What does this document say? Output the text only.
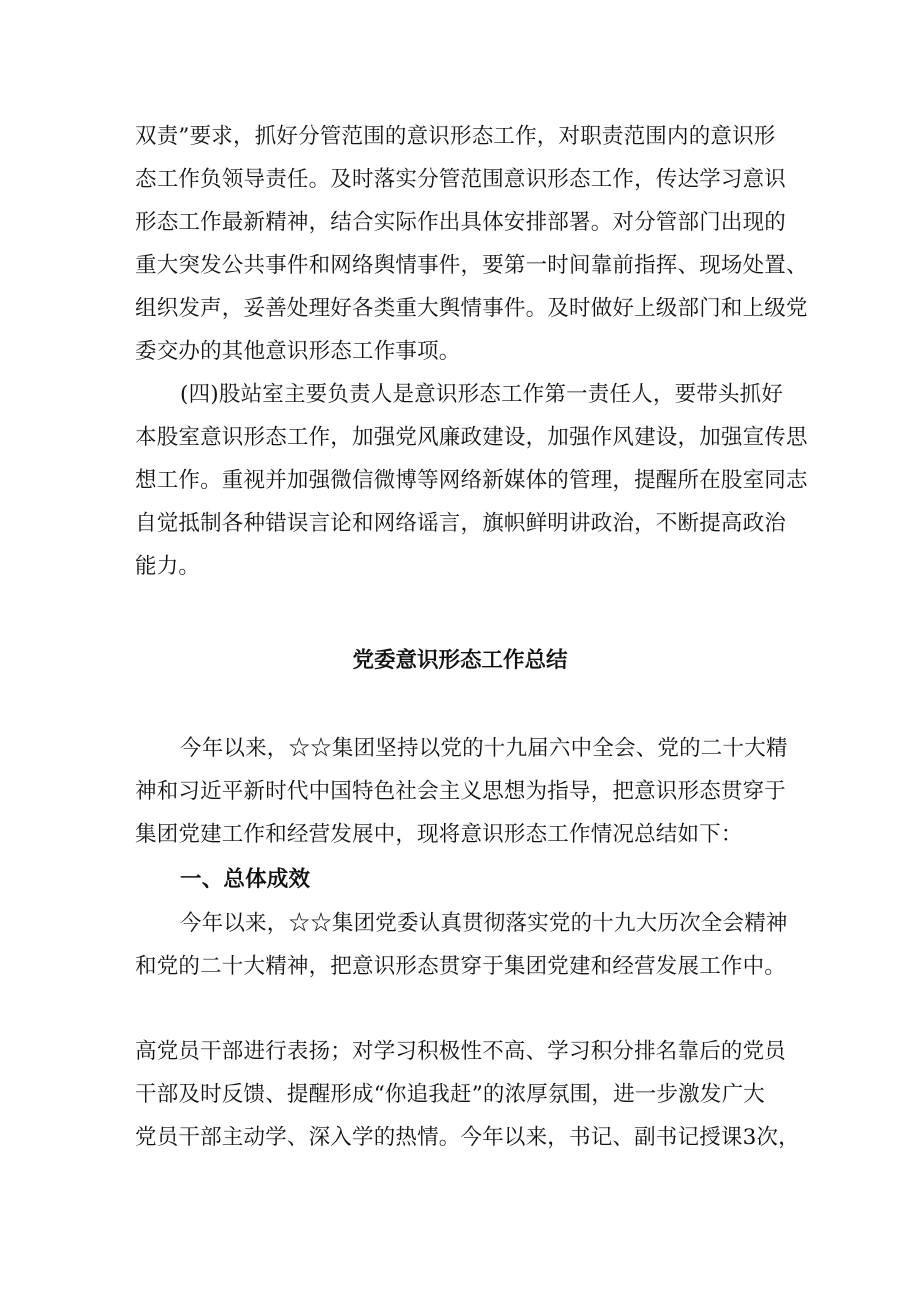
双责”要求，抓好分管范围的意识形态工作，对职责范围内的意识形
态工作负领导责任。及时落实分管范围意识形态工作，传达学习意识
形态工作最新精神，结合实际作出具体安排部署。对分管部门出现的
重大突发公共事件和网络舆情事件，要第一时间靠前指挥、现场处置、
组织发声，妥善处理好各类重大舆情事件。及时做好上级部门和上级党
委交办的其他意识形态工作事项。
(四)股站室主要负责人是意识形态工作第一责任人，要带头抓好
本股室意识形态工作，加强党风廉政建设，加强作风建设，加强宣传思
想工作。重视并加强微信微博等网络新媒体的管理，提醒所在股室同志
自觉抵制各种错误言论和网络谣言，旗帜鲜明讲政治，不断提高政治
能力。
党委意识形态工作总结
今年以来，☆☆集团坚持以党的十九届六中全会、党的二十大精
神和习近平新时代中国特色社会主义思想为指导，把意识形态贯穿于
集团党建工作和经营发展中，现将意识形态工作情况总结如下：
一、总体成效
今年以来，☆☆集团党委认真贯彻落实党的十九大历次全会精神
和党的二十大精神，把意识形态贯穿于集团党建和经营发展工作中。
高党员干部进行表扬；对学习积极性不高、学习积分排名靠后的党员
干部及时反馈、提醒形成“你追我赶”的浓厚氛围，进一步激发广大
党员干部主动学、深入学的热情。今年以来，书记、副书记授课3次，
